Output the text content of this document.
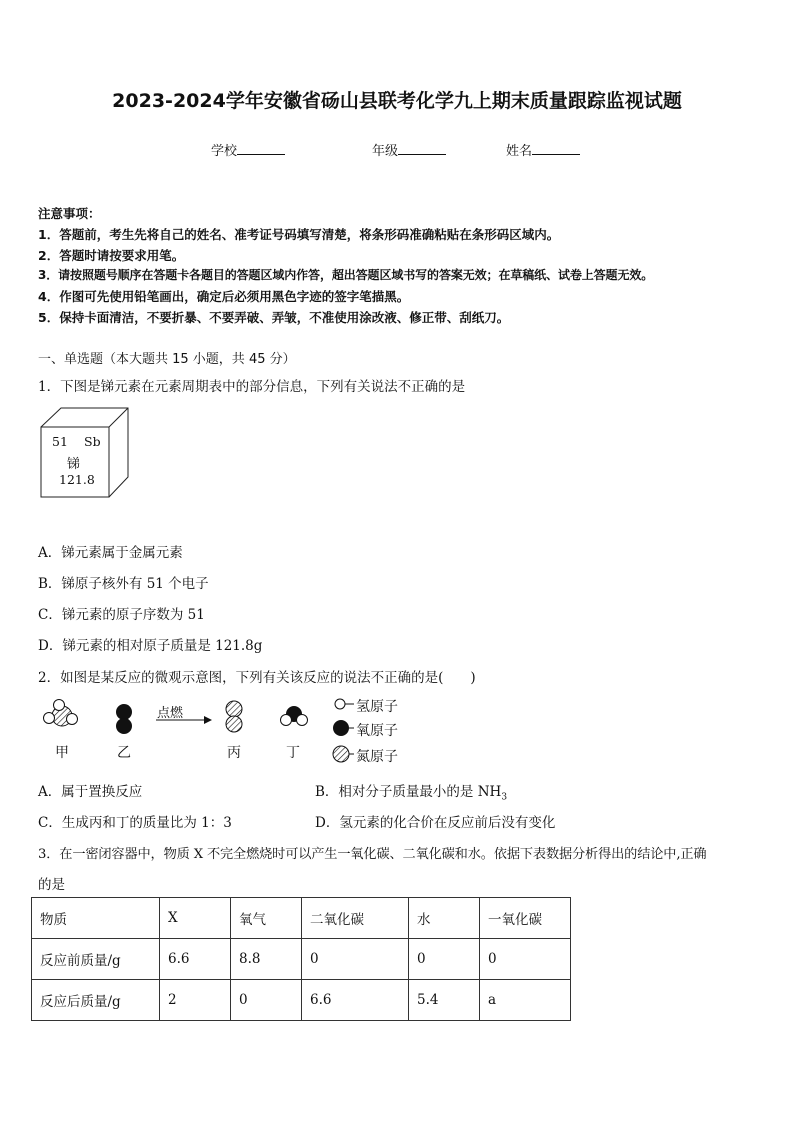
2023-2024学年安徽省砀山县联考化学九上期末质量跟踪监视试题
学校	年级	姓名
注意事项：
1．答题前，考生先将自己的姓名、准考证号码填写清楚，将条形码准确粘贴在条形码区域内。
2．答题时请按要求用笔。
3．请按照题号顺序在答题卡各题目的答题区域内作答，超出答题区域书写的答案无效；在草稿纸、试卷上答题无效。
4．作图可先使用铅笔画出，确定后必须用黑色字迹的签字笔描黑。
5．保持卡面清洁，不要折暴、不要弄破、弄皱，不准使用涂改液、修正带、刮纸刀。
一、单选题（本大题共 15 小题，共 45 分）
1．下图是锑元素在元素周期表中的部分信息，下列有关说法不正确的是
51 Sb
锑
121.8
A．锑元素属于金属元素
B．锑原子核外有 51 个电子
C．锑元素的原子序数为 51
D．锑元素的相对原子质量是 121.8g
2．如图是某反应的微观示意图，下列有关该反应的说法不正确的是(　　)
点燃
甲	乙	丙	丁
氢原子
氧原子
氮原子
A．属于置换反应	B．相对分子质量最小的是 $NH_3$
C．生成丙和丁的质量比为 1：3	D．氢元素的化合价在反应前后没有变化
3．在一密闭容器中，物质 X 不完全燃烧时可以产生一氧化碳、二氧化碳和水。依据下表数据分析得出的结论中,正确
的是
物质	X	氧气	二氧化碳	水	一氧化碳
反应前质量/g	6.6	8.8	0	0	0
反应后质量/g	2	0	6.6	5.4	a
